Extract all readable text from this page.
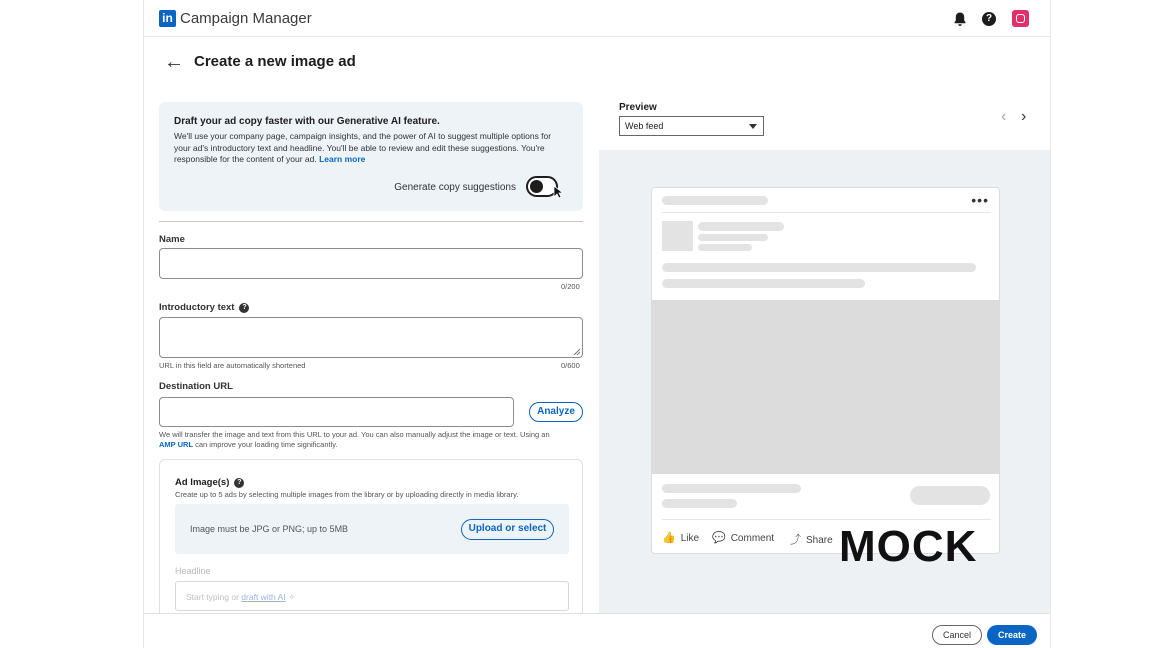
in Campaign Manager	?
← Create a new image ad
Draft your ad copy faster with our Generative AI feature.
We'll use your company page, campaign insights, and the power of AI to suggest multiple options for your ad's introductory text and headline. You'll be able to review and edit these suggestions. You're responsible for the content of your ad. Learn more
Generate copy suggestions
Name
0/200
Introductory text ?
URL in this field are automatically shortened	0/600
Destination URL
Analyze
We will transfer the image and text from this URL to your ad. You can also manually adjust the image or text. Using an
AMP URL can improve your loading time significantly.
Ad Image(s) ?
Create up to 5 ads by selecting multiple images from the library or by uploading directly in media library.
Image must be JPG or PNG; up to 5MB	Upload or select
Headline
Start typing or draft with AI ✧
Preview
Web feed
‹ ›
•••
👍 Like 💬 Comment ⤴ Share MOCK
Cancel	Create
